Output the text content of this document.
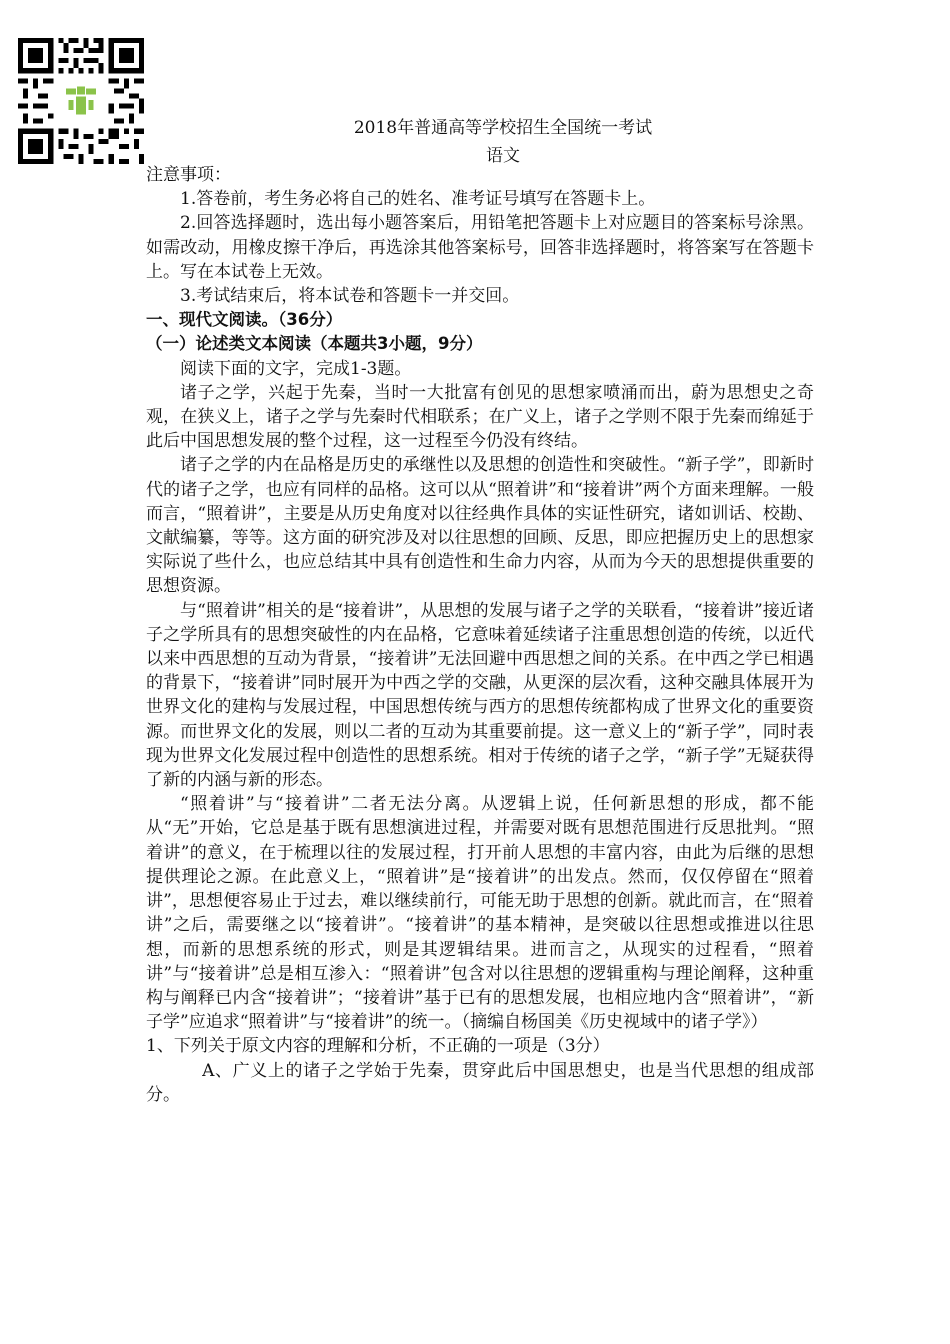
2018年普通高等学校招生全国统一考试
语文

注意事项：

1.答卷前，考生务必将自己的姓名、准考证号填写在答题卡上。

2.回答选择题时，选出每小题答案后，用铅笔把答题卡上对应题目的答案标号涂黑。如需改动，用橡皮擦干净后，再选涂其他答案标号，回答非选择题时，将答案写在答题卡上。写在本试卷上无效。

3.考试结束后，将本试卷和答题卡一并交回。

一、现代文阅读。（36分）

（一）论述类文本阅读（本题共3小题，9分）

阅读下面的文字，完成1-3题。

诸子之学，兴起于先秦，当时一大批富有创见的思想家喷涌而出，蔚为思想史之奇观，在狭义上，诸子之学与先秦时代相联系；在广义上，诸子之学则不限于先秦而绵延于此后中国思想发展的整个过程，这一过程至今仍没有终结。

诸子之学的内在品格是历史的承继性以及思想的创造性和突破性。“新子学”，即新时代的诸子之学，也应有同样的品格。这可以从“照着讲”和“接着讲”两个方面来理解。一般而言，“照着讲”，主要是从历史角度对以往经典作具体的实证性研究，诸如训话、校勘、文献编纂，等等。这方面的研究涉及对以往思想的回顾、反思，即应把握历史上的思想家实际说了些什么，也应总结其中具有创造性和生命力内容，从而为今天的思想提供重要的思想资源。

与“照着讲”相关的是“接着讲”，从思想的发展与诸子之学的关联看，“接着讲”接近诸子之学所具有的思想突破性的内在品格，它意味着延续诸子注重思想创造的传统，以近代以来中西思想的互动为背景，“接着讲”无法回避中西思想之间的关系。在中西之学已相遇的背景下，“接着讲”同时展开为中西之学的交融，从更深的层次看，这种交融具体展开为世界文化的建构与发展过程，中国思想传统与西方的思想传统都构成了世界文化的重要资源。而世界文化的发展，则以二者的互动为其重要前提。这一意义上的“新子学”，同时表现为世界文化发展过程中创造性的思想系统。相对于传统的诸子之学，“新子学”无疑获得了新的内涵与新的形态。

“照着讲”与“接着讲”二者无法分离。从逻辑上说，任何新思想的形成，都不能从“无”开始，它总是基于既有思想演进过程，并需要对既有思想范围进行反思批判。“照着讲”的意义，在于梳理以往的发展过程，打开前人思想的丰富内容，由此为后继的思想提供理论之源。在此意义上，“照着讲”是“接着讲”的出发点。然而，仅仅停留在“照着讲”，思想便容易止于过去，难以继续前行，可能无助于思想的创新。就此而言，在“照着讲”之后，需要继之以“接着讲”。“接着讲”的基本精神，是突破以往思想或推进以往思想，而新的思想系统的形式，则是其逻辑结果。进而言之，从现实的过程看，“照着讲”与“接着讲”总是相互渗入：“照着讲”包含对以往思想的逻辑重构与理论阐释，这种重构与阐释已内含“接着讲”；“接着讲”基于已有的思想发展，也相应地内含“照着讲”，“新子学”应追求“照着讲”与“接着讲”的统一。（摘编自杨国美《历史视域中的诸子学》）

1、下列关于原文内容的理解和分析，不正确的一项是（3分）

A、广义上的诸子之学始于先秦，贯穿此后中国思想史，也是当代思想的组成部分。
